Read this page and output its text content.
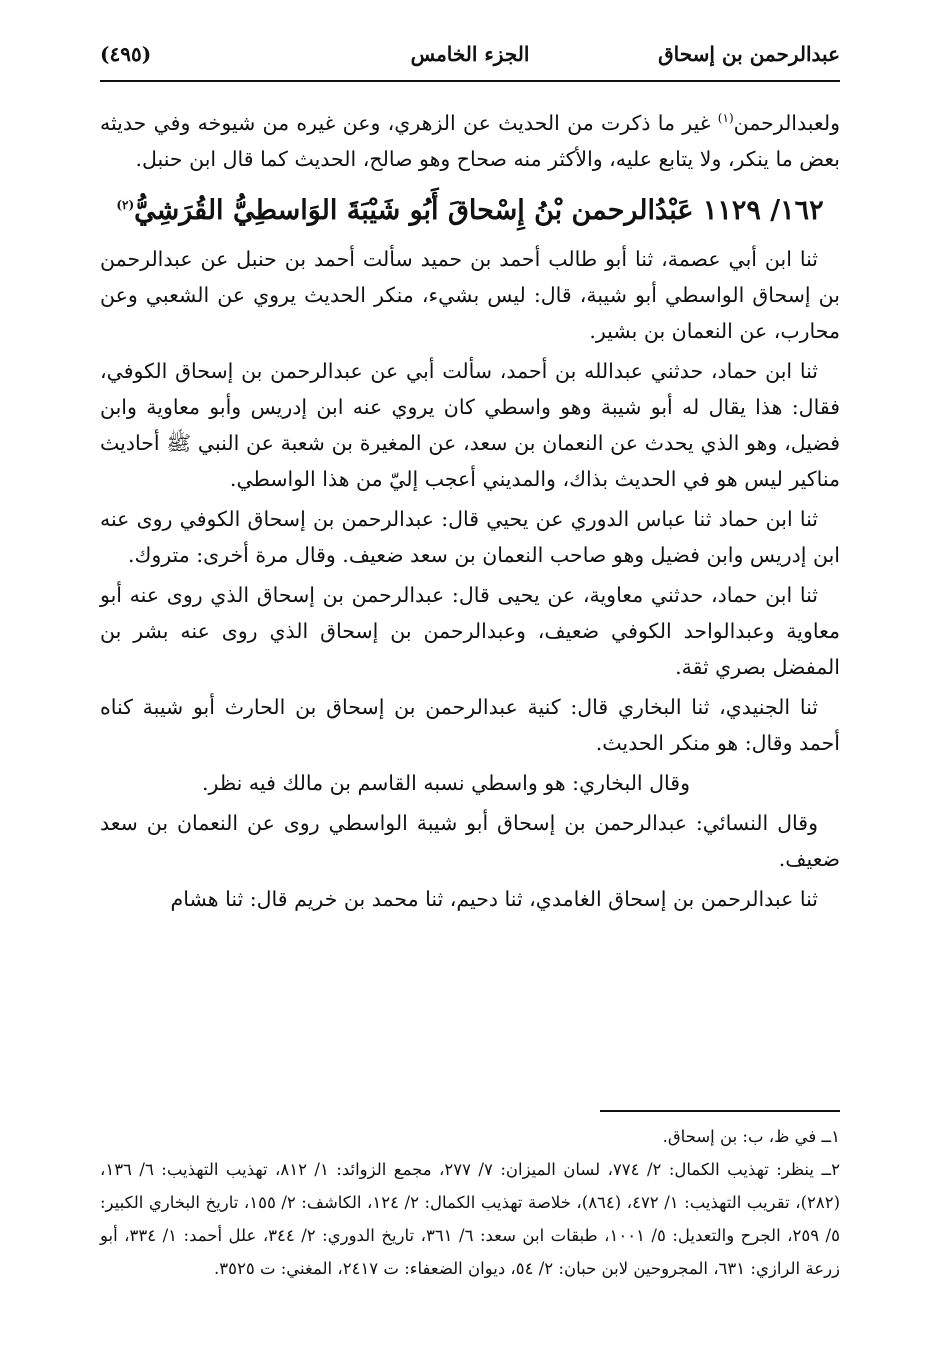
عبدالرحمن بن إسحاق
الجزء الخامس
(٤٩٥)

ولعبدالرحمن$^{(١)}$ غير ما ذكرت من الحديث عن الزهري، وعن غيره من شيوخه وفي حديثه بعض ما ينكر، ولا يتابع عليه، والأكثر منه صحاح وهو صالح، الحديث كما قال ابن حنبل.

١٦٢/ ١١٢٩ عَبْدُالرحمن بْنُ إِسْحاقَ أَبُو شَيْبَةَ الوَاسطِيُّ القُرَشِيُّ$^{(٢)}$

ثنا ابن أبي عصمة، ثنا أبو طالب أحمد بن حميد سألت أحمد بن حنبل عن عبدالرحمن بن إسحاق الواسطي أبو شيبة، قال: ليس بشيء، منكر الحديث يروي عن الشعبي وعن محارب، عن النعمان بن بشير.

ثنا ابن حماد، حدثني عبدالله بن أحمد، سألت أبي عن عبدالرحمن بن إسحاق الكوفي، فقال: هذا يقال له أبو شيبة وهو واسطي كان يروي عنه ابن إدريس وأبو معاوية وابن فضيل، وهو الذي يحدث عن النعمان بن سعد، عن المغيرة بن شعبة عن النبي ﷺ أحاديث مناكير ليس هو في الحديث بذاك، والمديني أعجب إليّ من هذا الواسطي.

ثنا ابن حماد ثنا عباس الدوري عن يحيي قال: عبدالرحمن بن إسحاق الكوفي روى عنه ابن إدريس وابن فضيل وهو صاحب النعمان بن سعد ضعيف. وقال مرة أخرى: متروك.

ثنا ابن حماد، حدثني معاوية، عن يحيى قال: عبدالرحمن بن إسحاق الذي روى عنه أبو معاوية وعبدالواحد الكوفي ضعيف، وعبدالرحمن بن إسحاق الذي روى عنه بشر بن المفضل بصري ثقة.

ثنا الجنيدي، ثنا البخاري قال: كنية عبدالرحمن بن إسحاق بن الحارث أبو شيبة كناه أحمد وقال: هو منكر الحديث.

وقال البخاري: هو واسطي نسبه القاسم بن مالك فيه نظر.

وقال النسائي: عبدالرحمن بن إسحاق أبو شيبة الواسطي روى عن النعمان بن سعد ضعيف.

ثنا عبدالرحمن بن إسحاق الغامدي، ثنا دحيم، ثنا محمد بن خريم قال: ثنا هشام

١ــ في ظ، ب: بن إسحاق.

٢ــ ينظر: تهذيب الكمال: ٢/ ٧٧٤، لسان الميزان: ٧/ ٢٧٧، مجمع الزوائد: ١/ ٨١٢، تهذيب التهذيب: ٦/ ١٣٦، (٢٨٢)، تقريب التهذيب: ١/ ٤٧٢، (٨٦٤)، خلاصة تهذيب الكمال: ٢/ ١٢٤، الكاشف: ٢/ ١٥٥، تاريخ البخاري الكبير: ٥/ ٢٥٩، الجرح والتعديل: ٥/ ١٠٠١، طبقات ابن سعد: ٦/ ٣٦١، تاريخ الدوري: ٢/ ٣٤٤، علل أحمد: ١/ ٣٣٤، أبو زرعة الرازي: ٦٣١، المجروحين لابن حبان: ٢/ ٥٤، ديوان الضعفاء: ت ٢٤١٧، المغني: ت ٣٥٢٥.
